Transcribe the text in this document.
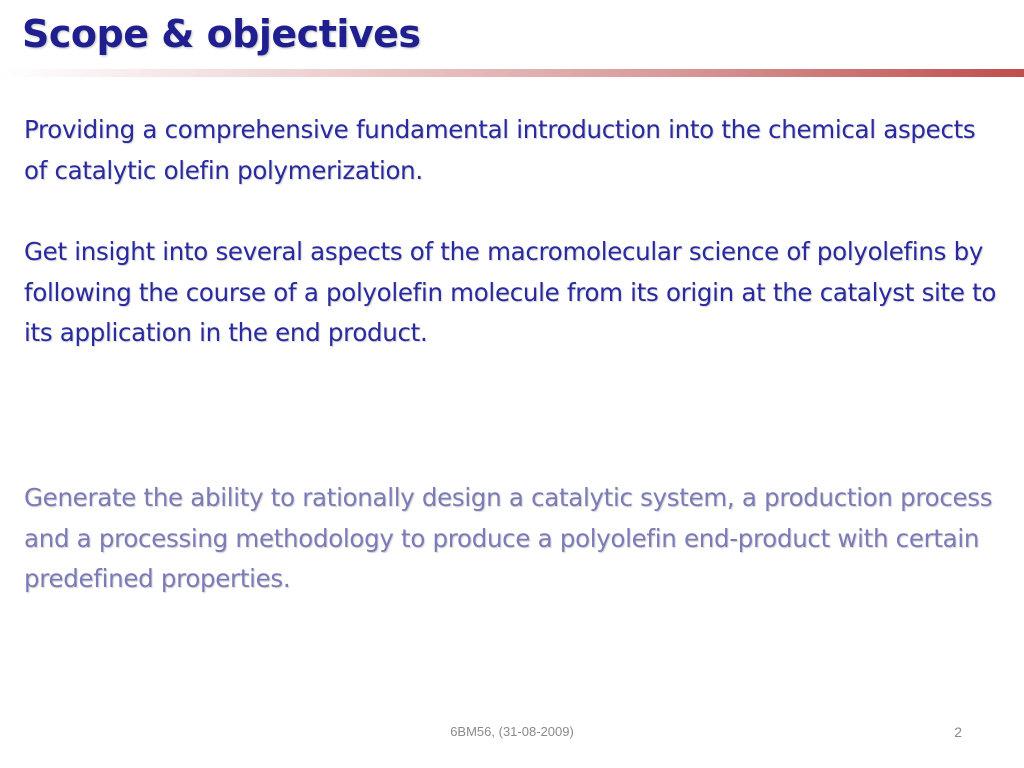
Scope & objectives

Providing a comprehensive fundamental introduction into the chemical aspects of catalytic olefin polymerization.

Get insight into several aspects of the macromolecular science of polyolefins by following the course of a polyolefin molecule from its origin at the catalyst site to its application in the end product.

Generate the ability to rationally design a catalytic system, a production process and a processing methodology to produce a polyolefin end-product with certain predefined properties.

6BM56, (31-08-2009)	2
